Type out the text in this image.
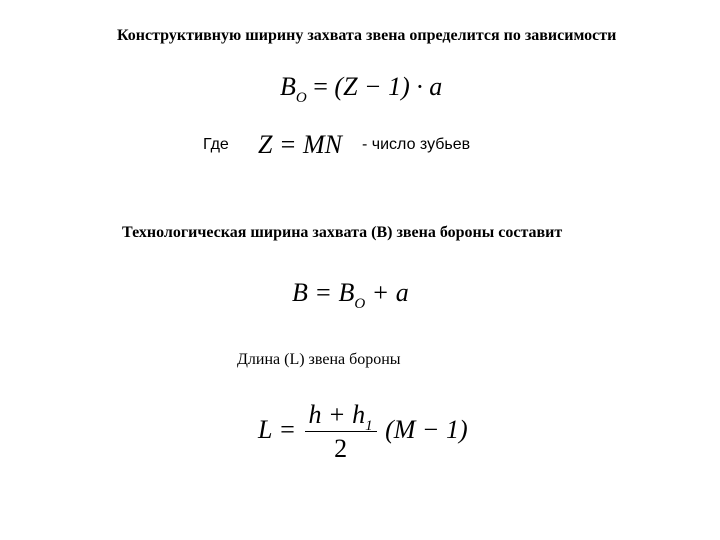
Конструктивную ширину захвата звена определится по зависимости
$B_O = (Z - 1) \cdot a$
Где Z = MN - число зубьев
Технологическая ширина захвата (В) звена бороны составит
$B = B_O + a$
Длина (L) звена бороны
$L = \frac{h + h_1}{2} (M - 1)$
